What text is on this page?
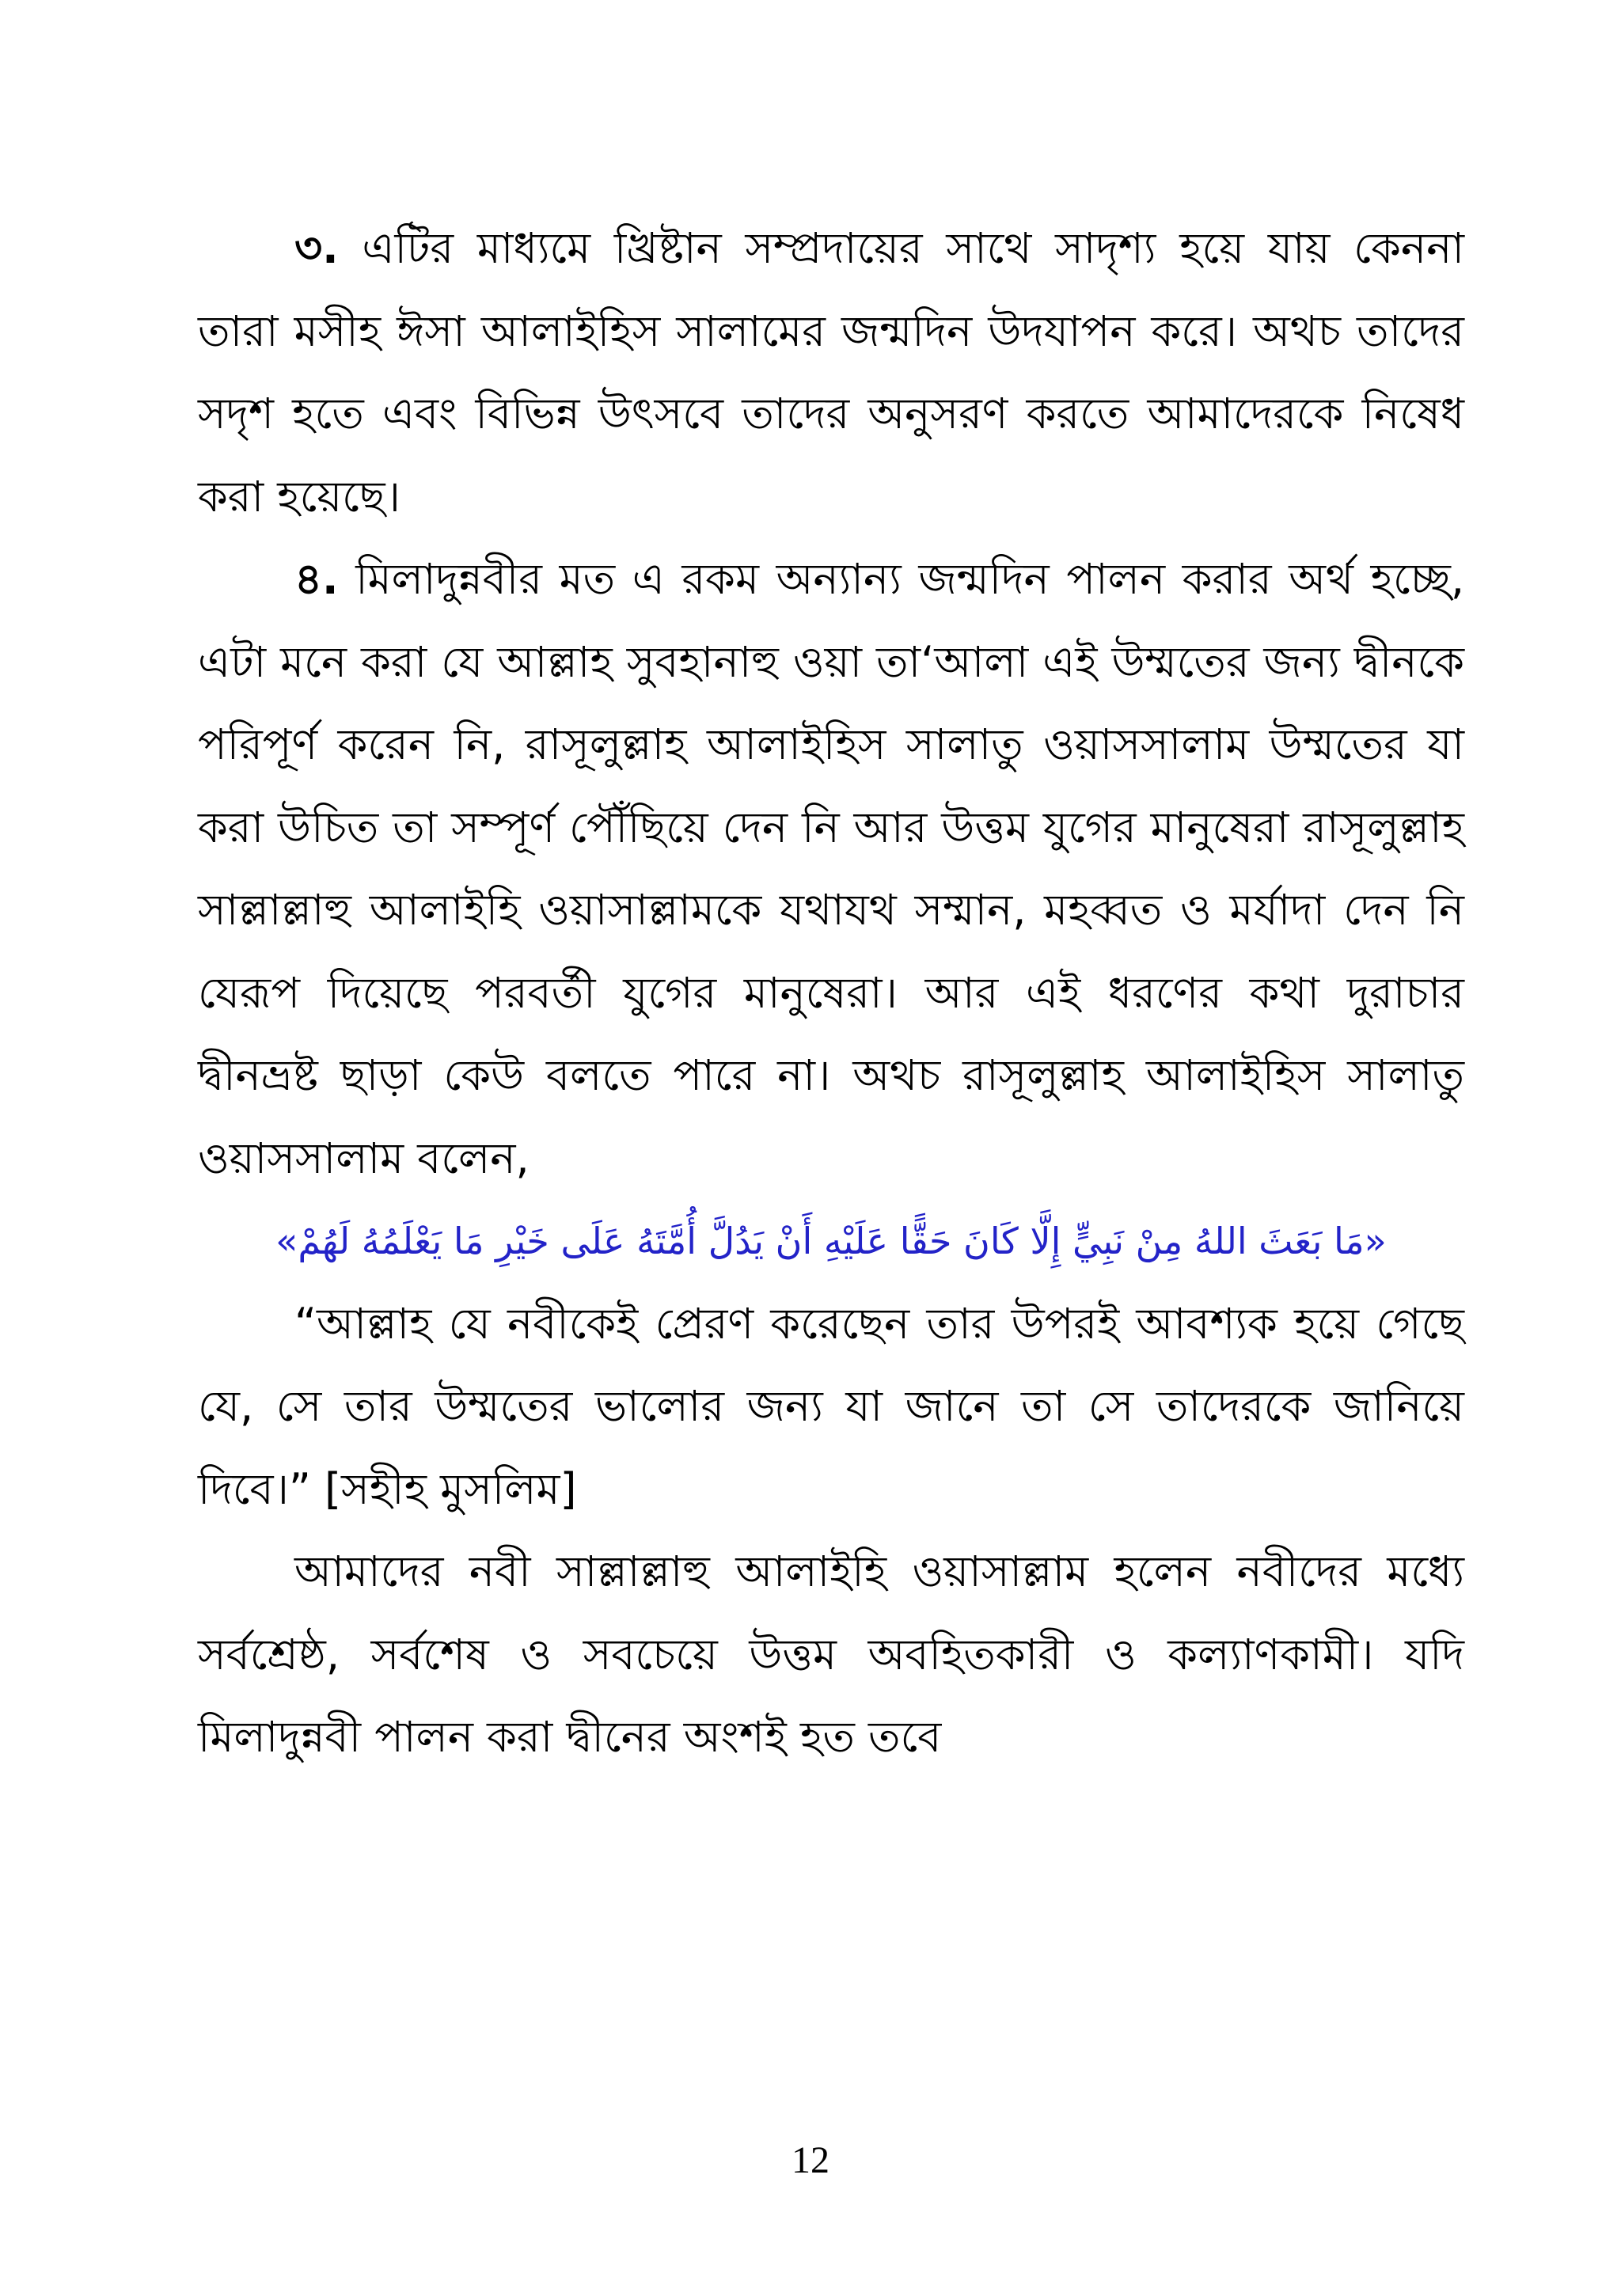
৩. এটির মাধ্যমে খ্রিষ্টান সম্প্রদায়ের সাথে সাদৃশ্য হয়ে যায় কেননা তারা মসীহ ঈসা আলাইহিস সালামের জন্মদিন উদযাপন করে। অথচ তাদের সদৃশ হতে এবং বিভিন্ন উৎসবে তাদের অনুসরণ করতে আমাদেরকে নিষেধ করা হয়েছে।

৪. মিলাদুন্নবীর মত এ রকম অন্যান্য জন্মদিন পালন করার অর্থ হচ্ছে, এটা মনে করা যে আল্লাহ সুবহানাহু ওয়া তা‘আলা এই উম্মতের জন্য দ্বীনকে পরিপূর্ণ করেন নি, রাসূলুল্লাহ আলাইহিস সালাতু ওয়াসসালাম উম্মতের যা করা উচিত তা সম্পূর্ণ পৌঁছিয়ে দেন নি আর উত্তম যুগের মানুষেরা রাসূলুল্লাহ সাল্লাল্লাহু আলাইহি ওয়াসাল্লামকে যথাযথ সম্মান, মহব্বত ও মর্যাদা দেন নি যেরূপ দিয়েছে পরবর্তী যুগের মানুষেরা। আর এই ধরণের কথা দুরাচার দ্বীনভ্রষ্ট ছাড়া কেউ বলতে পারে না। অথচ রাসূলুল্লাহ আলাইহিস সালাতু ওয়াসসালাম বলেন,

«مَا بَعَثَ اللهُ مِنْ نَبِيٍّ إِلَّا كَانَ حَقًّا عَلَيْهِ أَنْ يَدُلَّ أُمَّتَهُ عَلَى خَيْرِ مَا يَعْلَمُهُ لَهُمْ»

“আল্লাহ যে নবীকেই প্রেরণ করেছেন তার উপরই আবশ্যক হয়ে গেছে যে, সে তার উম্মতের ভালোর জন্য যা জানে তা সে তাদেরকে জানিয়ে দিবে।” [সহীহ মুসলিম]

আমাদের নবী সাল্লাল্লাহু আলাইহি ওয়াসাল্লাম হলেন নবীদের মধ্যে সর্বশ্রেষ্ঠ, সর্বশেষ ও সবচেয়ে উত্তম অবহিতকারী ও কল্যাণকামী। যদি মিলাদুন্নবী পালন করা দ্বীনের অংশই হত তবে

12
